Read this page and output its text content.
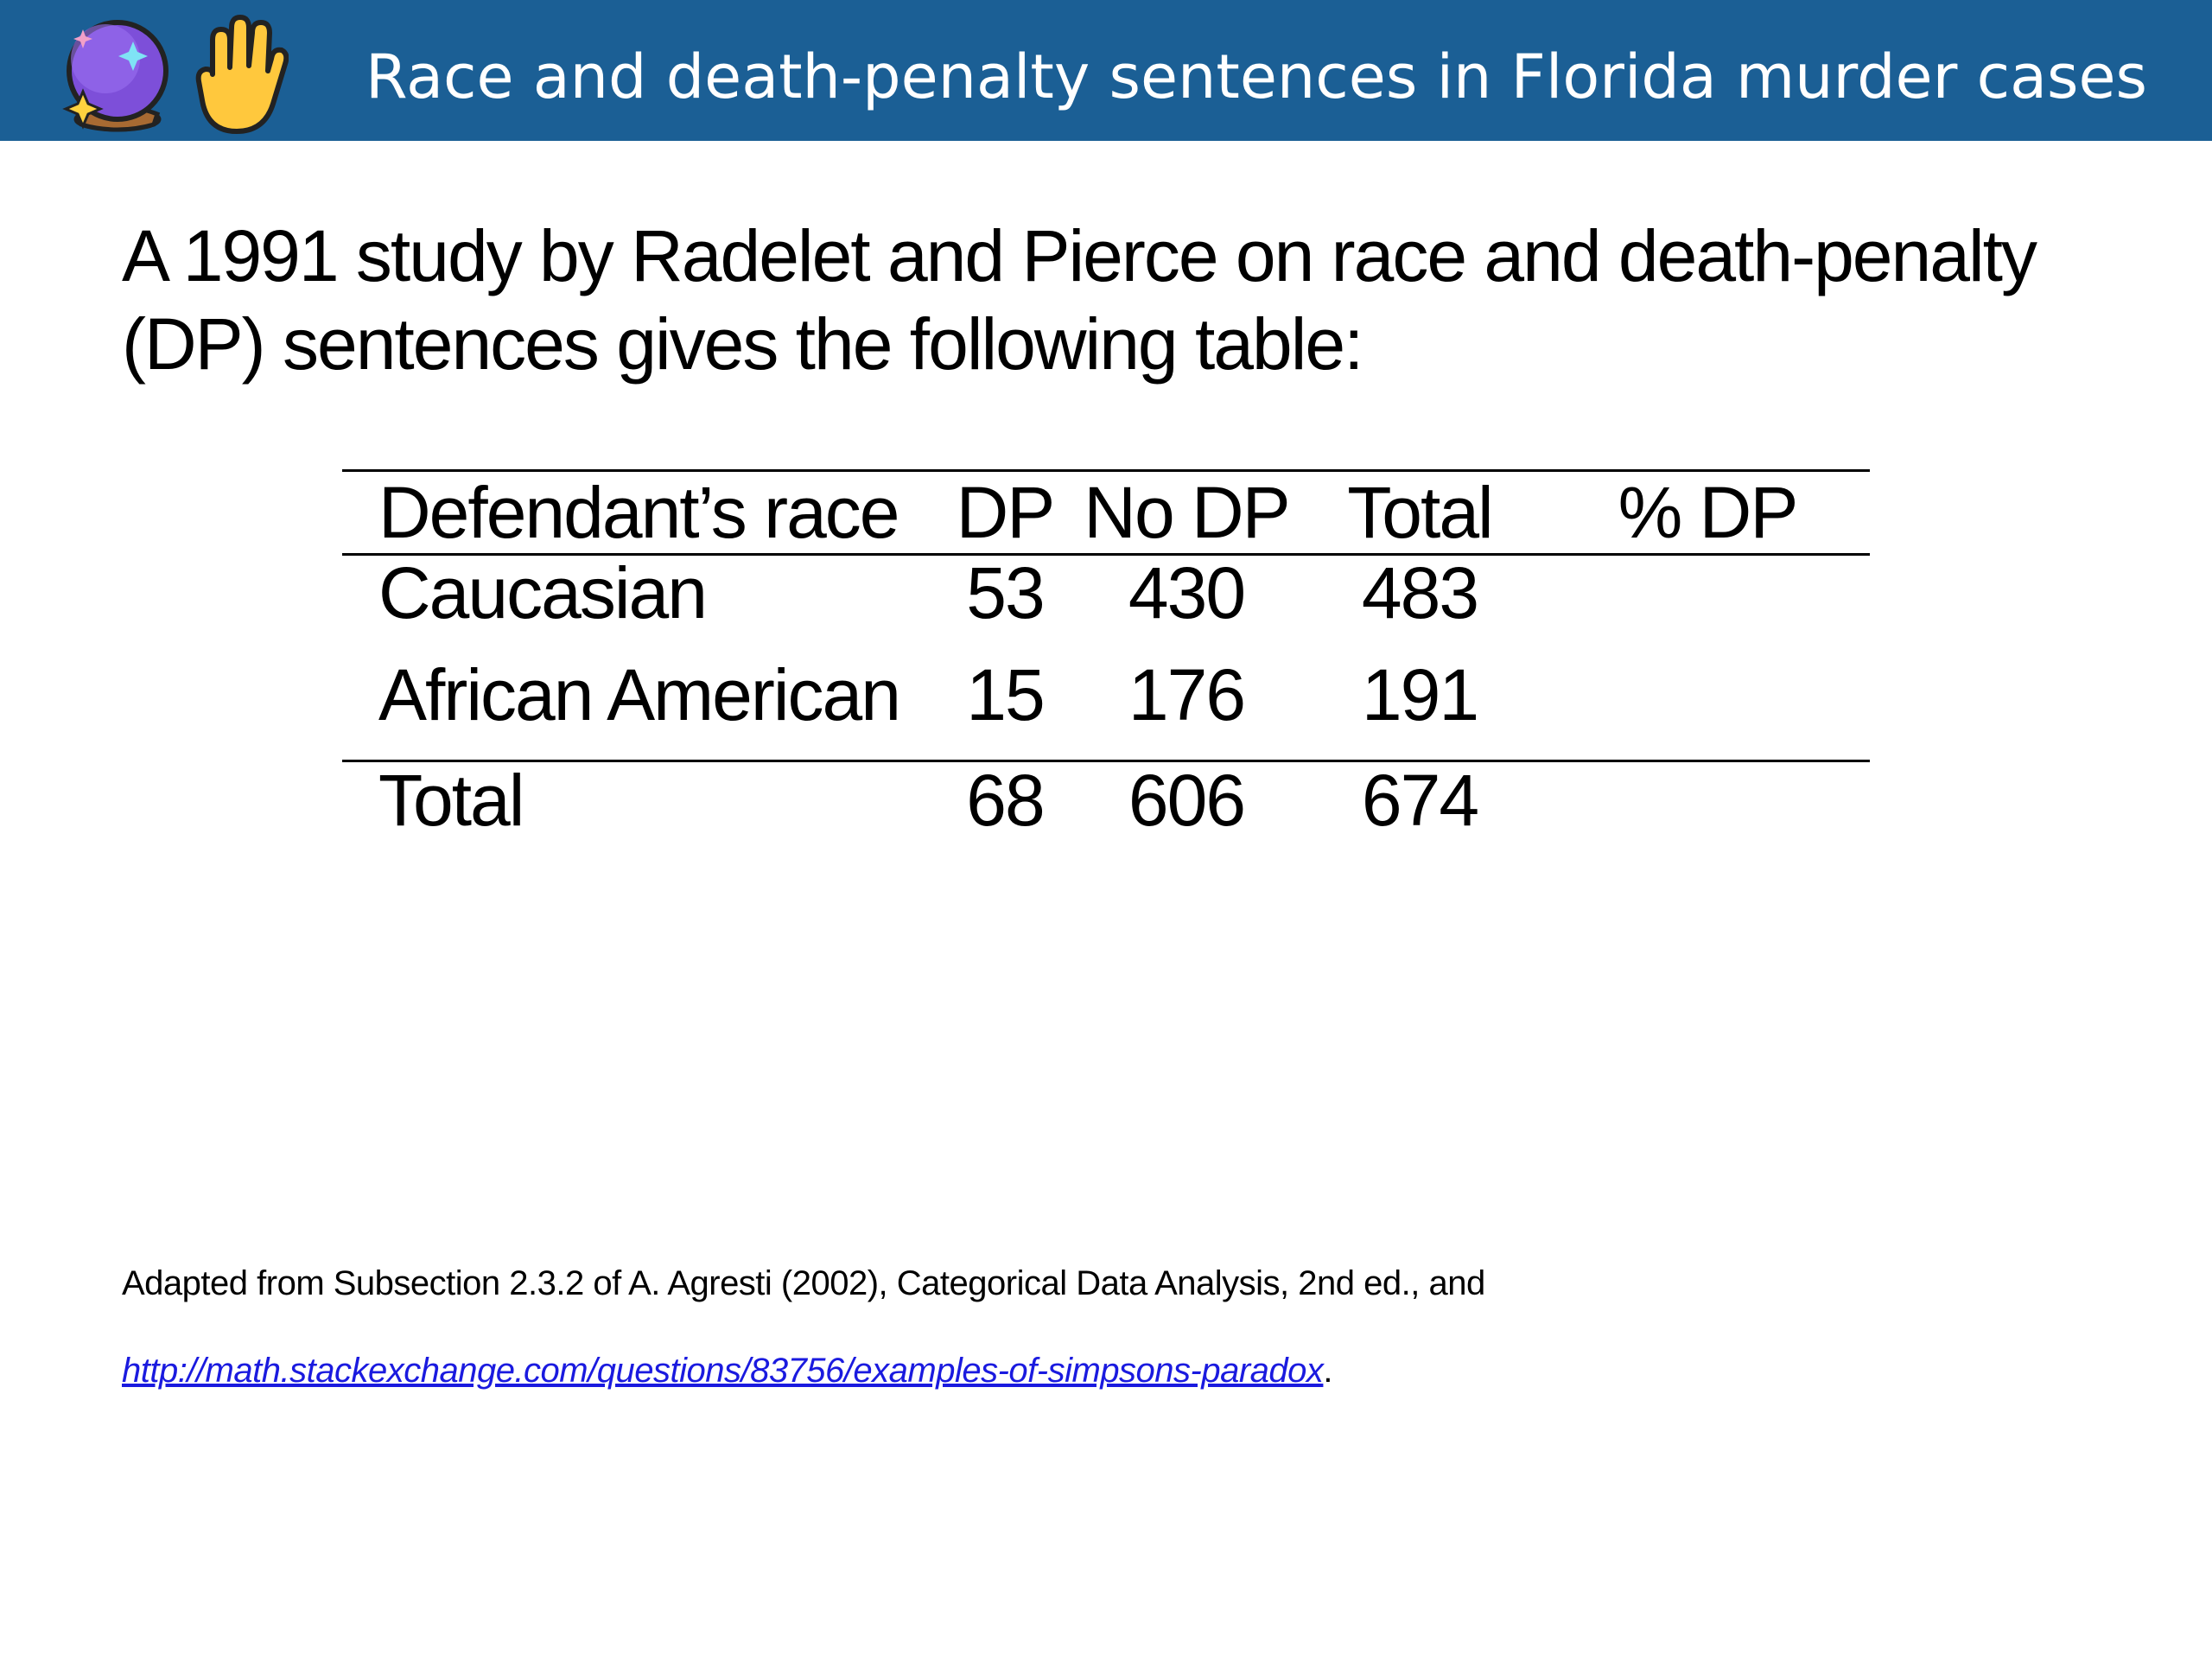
Race and death-penalty sentences in Florida murder cases
A 1991 study by Radelet and Pierce on race and death-penalty
(DP) sentences gives the following table:
Defendant’s race	DP	No DP	Total	% DP
Caucasian	53	430	483	
African American	15	176	191	
Total	68	606	674	
Adapted from Subsection 2.3.2 of A. Agresti (2002), Categorical Data Analysis, 2nd ed., and
http://math.stackexchange.com/questions/83756/examples-of-simpsons-paradox.
